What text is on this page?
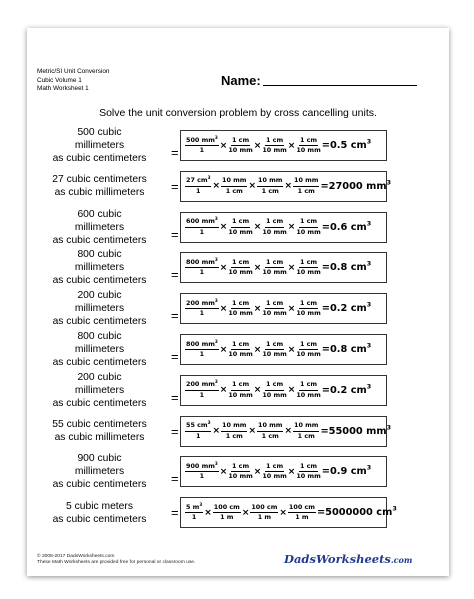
Metric/SI Unit Conversion
Cubic Volume 1
Math Worksheet 1
Name:
Solve the unit conversion problem by cross cancelling units.
500 cubic
millimeters
as cubic centimeters	= $\frac{500 mm^3}{1} \times \frac{1 cm}{10 mm} \times \frac{1 cm}{10 mm} \times \frac{1 cm}{10 mm} =0.5$ $cm^3$
27 cubic centimeters
as cubic millimeters	= $\frac{27 cm^3}{1} \times \frac{10 mm}{1 cm} \times \frac{10 mm}{1 cm} \times \frac{10 mm}{1 cm} =27000$ $mm^3$
600 cubic
millimeters
as cubic centimeters	= $\frac{600 mm^3}{1} \times \frac{1 cm}{10 mm} \times \frac{1 cm}{10 mm} \times \frac{1 cm}{10 mm} =0.6$ $cm^3$
800 cubic
millimeters
as cubic centimeters	= $\frac{800 mm^3}{1} \times \frac{1 cm}{10 mm} \times \frac{1 cm}{10 mm} \times \frac{1 cm}{10 mm} =0.8$ $cm^3$
200 cubic
millimeters
as cubic centimeters	= $\frac{200 mm^3}{1} \times \frac{1 cm}{10 mm} \times \frac{1 cm}{10 mm} \times \frac{1 cm}{10 mm} =0.2$ $cm^3$
800 cubic
millimeters
as cubic centimeters	= $\frac{800 mm^3}{1} \times \frac{1 cm}{10 mm} \times \frac{1 cm}{10 mm} \times \frac{1 cm}{10 mm} =0.8$ $cm^3$
200 cubic
millimeters
as cubic centimeters	= $\frac{200 mm^3}{1} \times \frac{1 cm}{10 mm} \times \frac{1 cm}{10 mm} \times \frac{1 cm}{10 mm} =0.2$ $cm^3$
55 cubic centimeters
as cubic millimeters	= $\frac{55 cm^3}{1} \times \frac{10 mm}{1 cm} \times \frac{10 mm}{1 cm} \times \frac{10 mm}{1 cm} =55000$ $mm^3$
900 cubic
millimeters
as cubic centimeters	= $\frac{900 mm^3}{1} \times \frac{1 cm}{10 mm} \times \frac{1 cm}{10 mm} \times \frac{1 cm}{10 mm} =0.9$ $cm^3$
5 cubic meters
as cubic centimeters	= $\frac{5 m^3}{1} \times \frac{100 cm}{1 m} \times \frac{100 cm}{1 m} \times \frac{100 cm}{1 m} =5000000$ $cm^3$
© 2008-2017 DadsWorksheets.com
These Math Worksheets are provided free for personal or classroom use.	DadsWorksheets.com
